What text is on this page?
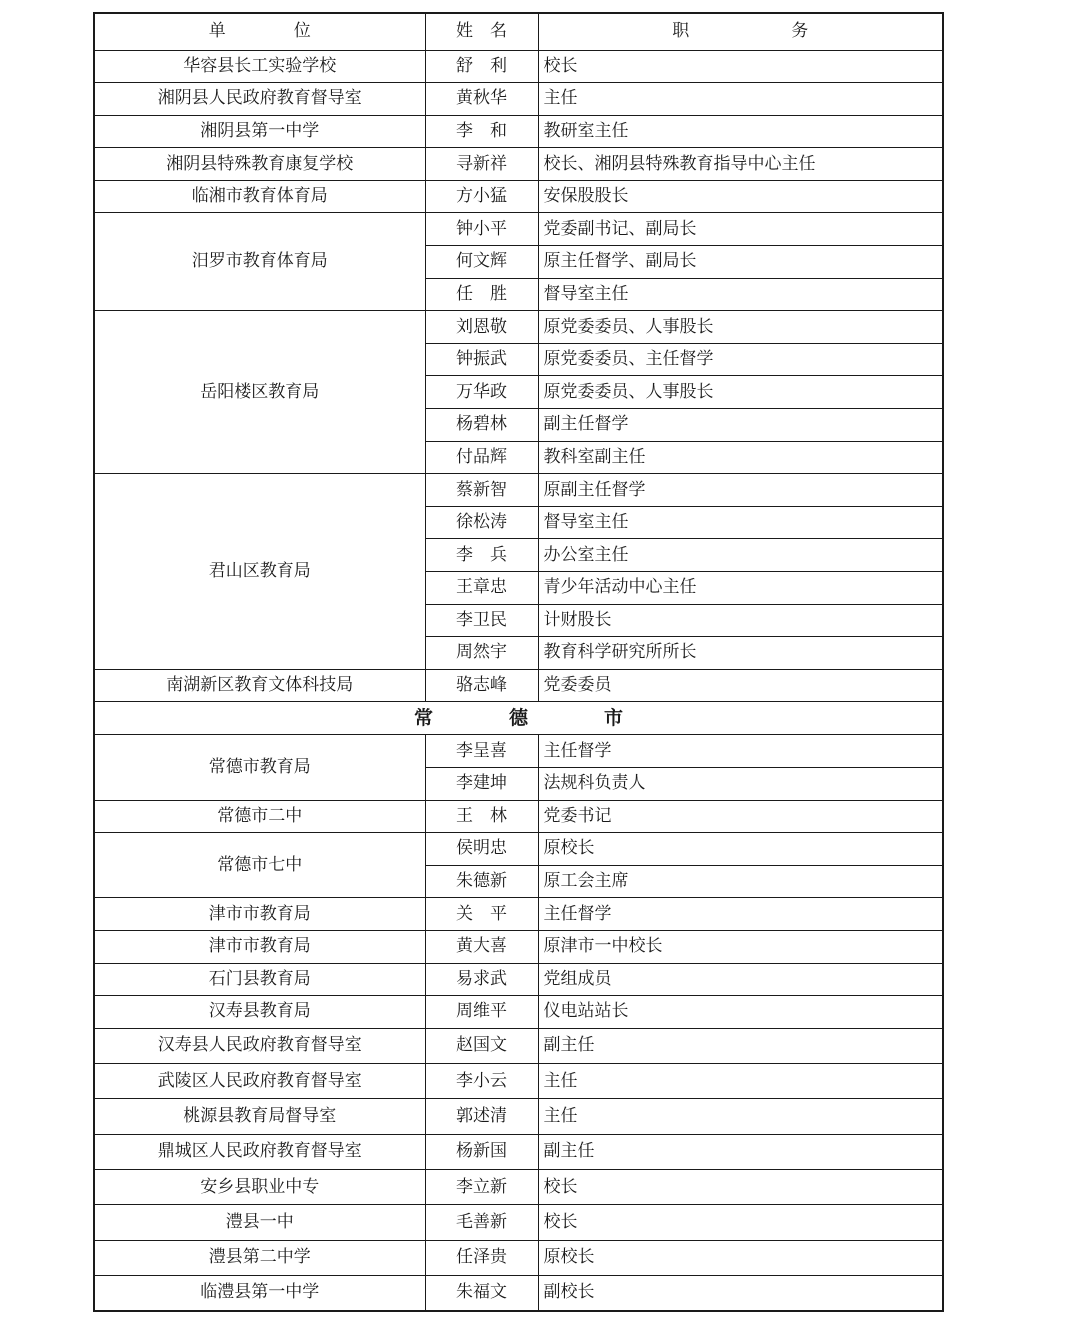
单　　　　位	姓　名	职　　　　　　务
华容县长工实验学校	舒　利	校长
湘阴县人民政府教育督导室	黄秋华	主任
湘阴县第一中学	李　和	教研室主任
湘阴县特殊教育康复学校	寻新祥	校长、湘阴县特殊教育指导中心主任
临湘市教育体育局	方小猛	安保股股长
汨罗市教育体育局	钟小平	党委副书记、副局长
	何文辉	原主任督学、副局长
	任　胜	督导室主任
岳阳楼区教育局	刘恩敬	原党委委员、人事股长
	钟振武	原党委委员、主任督学
	万华政	原党委委员、人事股长
	杨碧林	副主任督学
	付品辉	教科室副主任
君山区教育局	蔡新智	原副主任督学
	徐松涛	督导室主任
	李　兵	办公室主任
	王章忠	青少年活动中心主任
	李卫民	计财股长
	周然宇	教育科学研究所所长
南湖新区教育文体科技局	骆志峰	党委委员
常　　　　德　　　　市		
常德市教育局	李呈喜	主任督学
	李建坤	法规科负责人
常德市二中	王　林	党委书记
常德市七中	侯明忠	原校长
	朱德新	原工会主席
津市市教育局	关　平	主任督学
津市市教育局	黄大喜	原津市一中校长
石门县教育局	易求武	党组成员
汉寿县教育局	周维平	仪电站站长
汉寿县人民政府教育督导室	赵国文	副主任
武陵区人民政府教育督导室	李小云	主任
桃源县教育局督导室	郭述清	主任
鼎城区人民政府教育督导室	杨新国	副主任
安乡县职业中专	李立新	校长
澧县一中	毛善新	校长
澧县第二中学	任泽贵	原校长
临澧县第一中学	朱福文	副校长
